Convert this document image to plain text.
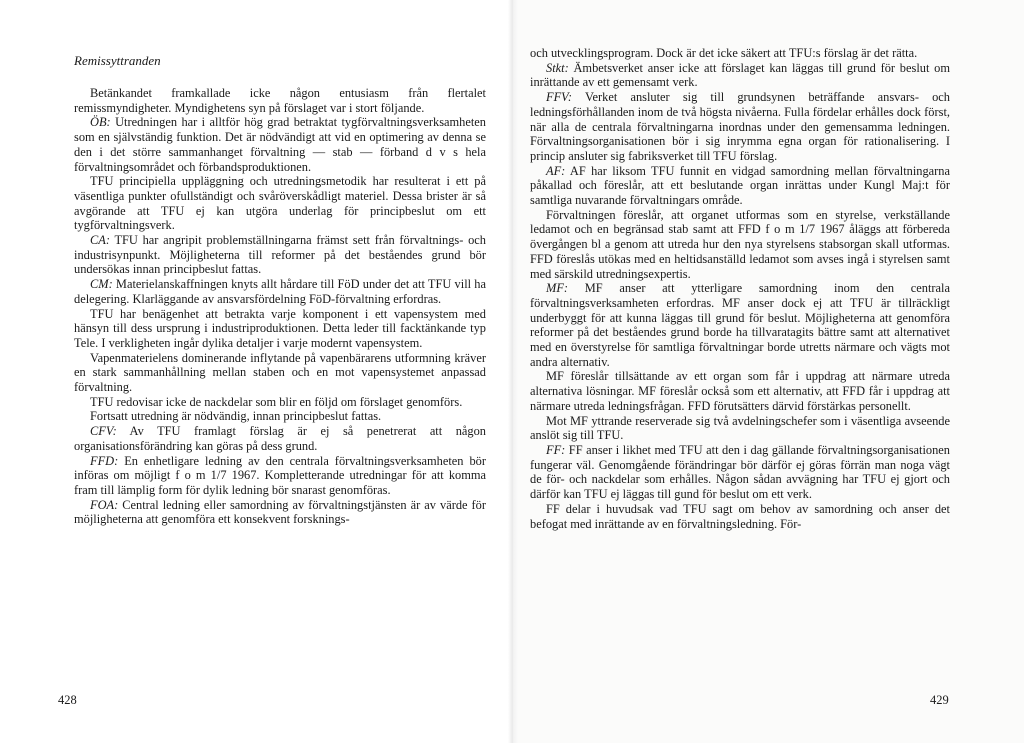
Remissyttranden

Betänkandet framkallade icke någon entusiasm från flertalet remissmyndigheter. Myndighetens syn på förslaget var i stort följande.

ÖB: Utredningen har i alltför hög grad betraktat tygförvaltningsverksamheten som en självständig funktion. Det är nödvändigt att vid en optimering av denna se den i det större sammanhanget förvaltning — stab — förband d v s hela förvaltningsområdet och förbandsproduktionen.

TFU principiella uppläggning och utredningsmetodik har resulterat i ett på väsentliga punkter ofullständigt och svåröverskådligt materiel. Dessa brister är så avgörande att TFU ej kan utgöra underlag för principbeslut om ett tygförvaltningsverk.

CA: TFU har angripit problemställningarna främst sett från förvaltnings- och industrisynpunkt. Möjligheterna till reformer på det beståendes grund bör undersökas innan principbeslut fattas.

CM: Materielanskaffningen knyts allt hårdare till FöD under det att TFU vill ha delegering. Klarläggande av ansvarsfördelning FöD-förvaltning erfordras.

TFU har benägenhet att betrakta varje komponent i ett vapensystem med hänsyn till dess ursprung i industriproduktionen. Detta leder till facktänkande typ Tele. I verkligheten ingår dylika detaljer i varje modernt vapensystem.

Vapenmaterielens dominerande inflytande på vapenbärarens utformning kräver en stark sammanhållning mellan staben och en mot vapensystemet anpassad förvaltning.

TFU redovisar icke de nackdelar som blir en följd om förslaget genomförs.

Fortsatt utredning är nödvändig, innan principbeslut fattas.

CFV: Av TFU framlagt förslag är ej så penetrerat att någon organisationsförändring kan göras på dess grund.

FFD: En enhetligare ledning av den centrala förvaltningsverksamheten bör införas om möjligt f o m 1/7 1967. Kompletterande utredningar för att komma fram till lämplig form för dylik ledning bör snarast genomföras.

FOA: Central ledning eller samordning av förvaltningstjänsten är av värde för möjligheterna att genomföra ett konsekvent forsknings-

428

och utvecklingsprogram. Dock är det icke säkert att TFU:s förslag är det rätta.

Stkt: Ämbetsverket anser icke att förslaget kan läggas till grund för beslut om inrättande av ett gemensamt verk.

FFV: Verket ansluter sig till grundsynen beträffande ansvars- och ledningsförhållanden inom de två högsta nivåerna. Fulla fördelar erhålles dock först, när alla de centrala förvaltningarna inordnas under den gemensamma ledningen. Förvaltningsorganisationen bör i sig inrymma egna organ för rationalisering. I princip ansluter sig fabriksverket till TFU förslag.

AF: AF har liksom TFU funnit en vidgad samordning mellan förvaltningarna påkallad och föreslår, att ett beslutande organ inrättas under Kungl Maj:t för samtliga nuvarande förvaltningars område.

Förvaltningen föreslår, att organet utformas som en styrelse, verkställande ledamot och en begränsad stab samt att FFD f o m 1/7 1967 åläggs att förbereda övergången bl a genom att utreda hur den nya styrelsens stabsorgan skall utformas. FFD föreslås utökas med en heltidsanställd ledamot som avses ingå i styrelsen samt med särskild utredningsexpertis.

MF: MF anser att ytterligare samordning inom den centrala förvaltningsverksamheten erfordras. MF anser dock ej att TFU är tillräckligt underbyggt för att kunna läggas till grund för beslut. Möjligheterna att genomföra reformer på det beståendes grund borde ha tillvaratagits bättre samt att alternativet med en överstyrelse för samtliga förvaltningar borde utretts närmare och vägts mot andra alternativ.

MF föreslår tillsättande av ett organ som får i uppdrag att närmare utreda alternativa lösningar. MF föreslår också som ett alternativ, att FFD får i uppdrag att närmare utreda ledningsfrågan. FFD förutsätters därvid förstärkas personellt.

Mot MF yttrande reserverade sig två avdelningschefer som i väsentliga avseende anslöt sig till TFU.

FF: FF anser i likhet med TFU att den i dag gällande förvaltningsorganisationen fungerar väl. Genomgående förändringar bör därför ej göras förrän man noga vägt de för- och nackdelar som erhålles. Någon sådan avvägning har TFU ej gjort och därför kan TFU ej läggas till gund för beslut om ett verk.

FF delar i huvudsak vad TFU sagt om behov av samordning och anser det befogat med inrättande av en förvaltningsledning. För-

429
